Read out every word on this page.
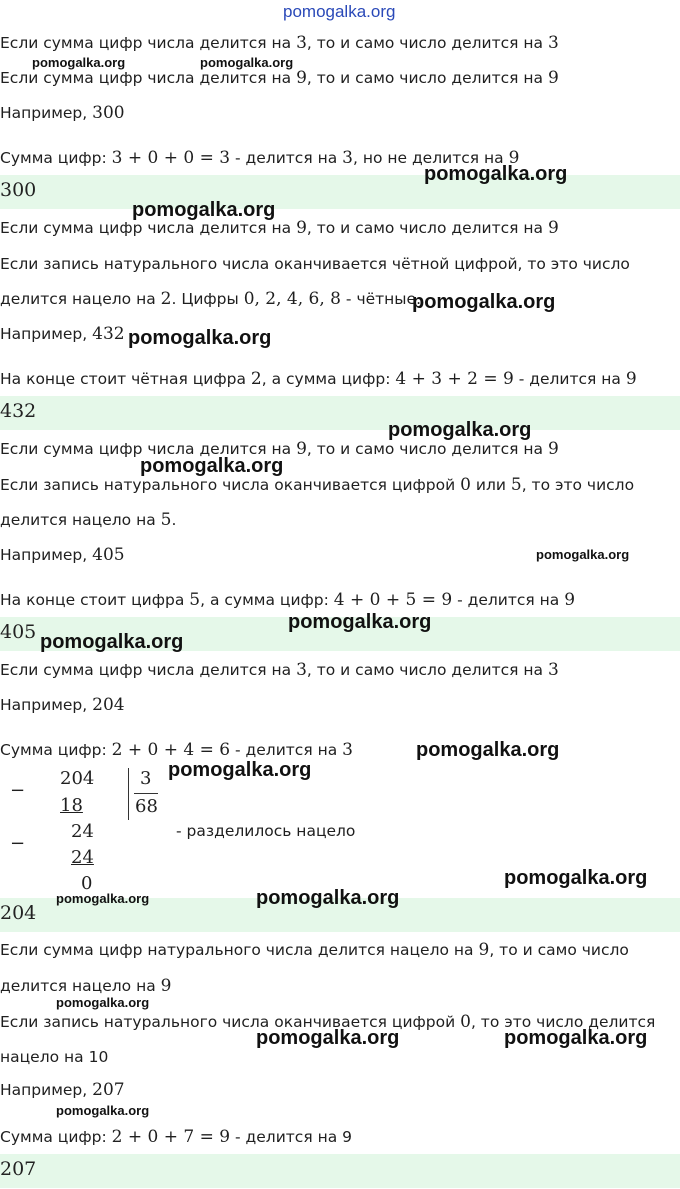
pomogalka.org
Если сумма цифр числа делится на 3, то и само число делится на 3
Если сумма цифр числа делится на 9, то и само число делится на 9
Например, 300
Сумма цифр: 3 + 0 + 0 = 3 - делится на 3, но не делится на 9
300
Если сумма цифр числа делится на 9, то и само число делится на 9
Если запись натурального числа оканчивается чётной цифрой, то это число
делится нацело на 2. Цифры 0, 2, 4, 6, 8 - чётные.
Например, 432
На конце стоит чётная цифра 2, а сумма цифр: 4 + 3 + 2 = 9 - делится на 9
432
Если сумма цифр числа делится на 9, то и само число делится на 9
Если запись натурального числа оканчивается цифрой 0 или 5, то это число
делится нацело на 5.
Например, 405
На конце стоит цифра 5, а сумма цифр: 4 + 0 + 5 = 9 - делится на 9
405
Если сумма цифр числа делится на 3, то и само число делится на 3
Например, 204
Сумма цифр: 2 + 0 + 4 = 6 - делится на 3
−
204
18
3
68
−
24
24
0
- разделилось нацело
204
Если сумма цифр натурального числа делится нацело на 9, то и само число
делится нацело на 9
Если запись натурального числа оканчивается цифрой 0, то это число делится
нацело на 10
Например, 207
Сумма цифр: 2 + 0 + 7 = 9 - делится на 9
207
pomogalka.org	pomogalka.org
pomogalka.org
pomogalka.org
pomogalka.org
pomogalka.org
pomogalka.org
pomogalka.org
pomogalka.org
pomogalka.org
pomogalka.org
pomogalka.org
pomogalka.org
pomogalka.org
pomogalka.org	pomogalka.org
pomogalka.org
pomogalka.org	pomogalka.org
pomogalka.org
